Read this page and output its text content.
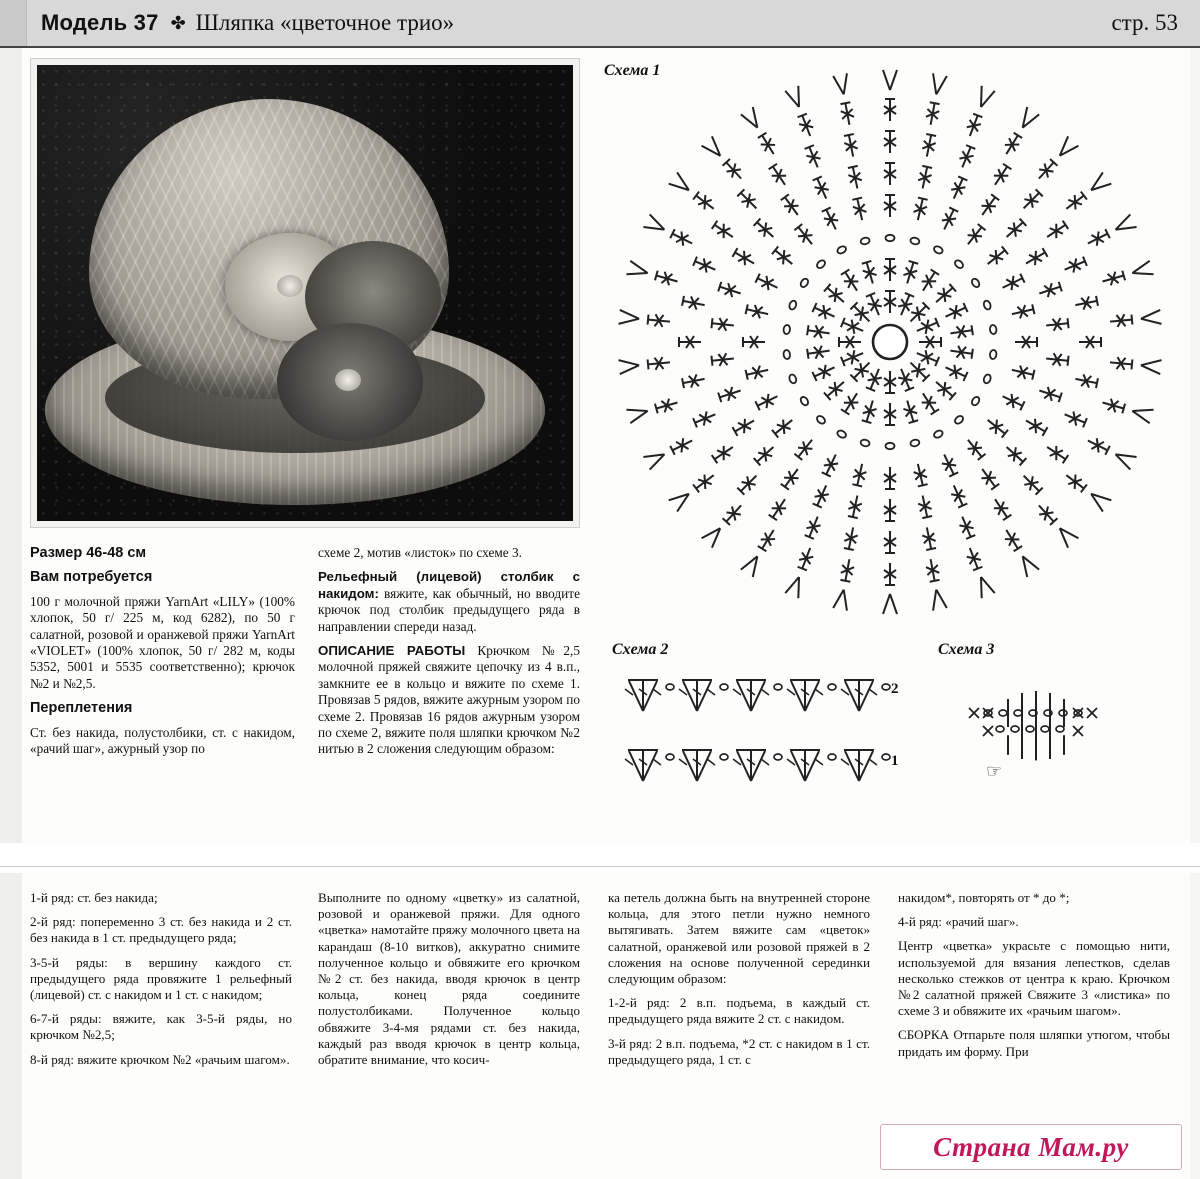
Модель 37 ✤ Шляпка «цветочное трио»	стр. 53

Размер 46-48 см

Вам потребуется

100 г молочной пряжи YarnArt «LILY» (100% хлопок, 50 г/ 225 м, код 6282), по 50 г салатной, розовой и оранжевой пряжи YarnArt «VIOLET» (100% хлопок, 50 г/ 282 м, коды 5352, 5001 и 5535 соответственно); крючок №2 и №2,5.

Переплетения

Ст. без накида, полустолбики, ст. с накидом, «рачий шаг», ажурный узор по

схеме 2, мотив «листок» по схеме 3.

Рельефный (лицевой) столбик с накидом: вяжите, как обычный, но вводите крючок под столбик предыдущего ряда в направлении спереди назад.

ОПИСАНИЕ РАБОТЫ Крючком №2,5 молочной пряжей свяжите цепочку из 4 в.п., замкните ее в кольцо и вяжите по схеме 1. Провязав 5 рядов, вяжите ажурным узором по схеме 2. Провязав 16 рядов ажурным узором по схеме 2, вяжите поля шляпки крючком №2 нитью в 2 сложения следующим образом:

Схема 1
Схема 2	Схема 3
2
1	☞

1-й ряд: ст. без накида;

2-й ряд: попеременно 3 ст. без накида и 2 ст. без накида в 1 ст. предыдущего ряда;

3-5-й ряды: в вершину каждого ст. предыдущего ряда провяжите 1 рельефный (лицевой) ст. с накидом и 1 ст. с накидом;

6-7-й ряды: вяжите, как 3-5-й ряды, но крючком №2,5;

8-й ряд: вяжите крючком №2 «рачьим шагом».

Выполните по одному «цветку» из салатной, розовой и оранжевой пряжи. Для одного «цветка» намотайте пряжу молочного цвета на карандаш (8-10 витков), аккуратно снимите полученное кольцо и обвяжите его крючком №2 ст. без накида, вводя крючок в центр кольца, конец ряда соедините полустолбиками. Полученное кольцо обвяжите 3-4-мя рядами ст. без накида, каждый раз вводя крючок в центр кольца, обратите внимание, что косич-

ка петель должна быть на внутренней стороне кольца, для этого петли нужно немного вытягивать. Затем вяжите сам «цветок» салатной, оранжевой или розовой пряжей в 2 сложения на основе полученной серединки следующим образом:

1-2-й ряд: 2 в.п. подъема, в каждый ст. предыдущего ряда вяжите 2 ст. с накидом.

3-й ряд: 2 в.п. подъема, *2 ст. с накидом в 1 ст. предыдущего ряда, 1 ст. с

накидом*, повторять от * до *;

4-й ряд: «рачий шаг».

Центр «цветка» украсьте с помощью нити, используемой для вязания лепестков, сделав несколько стежков от центра к краю. Крючком №2 салатной пряжей Свяжите 3 «листика» по схеме 3 и обвяжите их «рачьим шагом».

СБОРКА Отпарьте поля шляпки утюгом, чтобы придать им форму. При

Страна Мам.ру
